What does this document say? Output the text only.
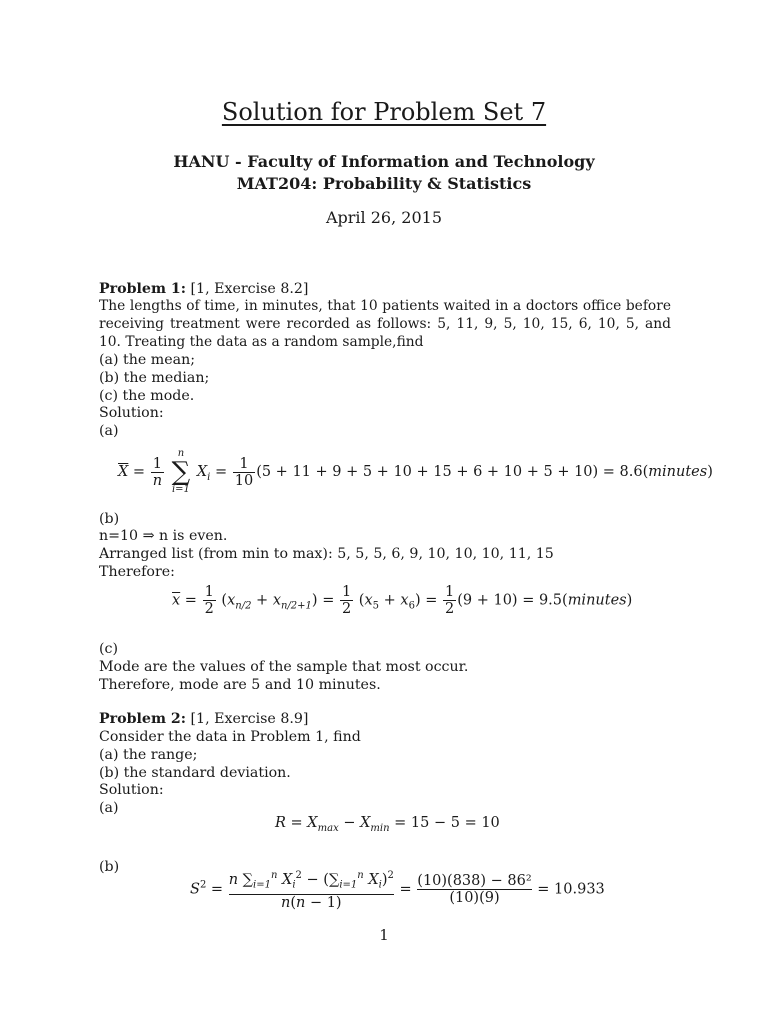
Solution for Problem Set 7
HANU - Faculty of Information and Technology
MAT204: Probability & Statistics
April 26, 2015
Problem 1: [1, Exercise 8.2]
The lengths of time, in minutes, that 10 patients waited in a doctors office before receiving treatment were recorded as follows: 5, 11, 9, 5, 10, 15, 6, 10, 5, and 10. Treating the data as a random sample,find
(a) the mean;
(b) the median;
(c) the mode.
Solution:
(a)
$\overline{X} = \frac{1}{n}$

n
∑
i=1
$X_i = \frac{1}{10} (5 + 11 + 9 + 5 + 10 + 15 + 6 + 10 + 5 + 10)$ = 8.6(minutes)
(b)
n=10 ⇒ n is even.
Arranged list (from min to max): 5, 5, 5, 6, 9, 10, 10, 10, 11, 15
Therefore:
$\overline{x} = \frac{1}{2} (x_{n/2} + x_{n/2+1}) = \frac{1}{2} (x_5 + x_6) = \frac{1}{2} (9 + 10)$ = 9.5(minutes)
(c)
Mode are the values of the sample that most occur.
Therefore, mode are 5 and 10 minutes.
Problem 2: [1, Exercise 8.9]
Consider the data in Problem 1, find
(a) the range;
(b) the standard deviation.
Solution:
(a)
$R = X_{max} - X_{min} = 15 - 5 = 10$
(b)
$S^2 = \frac{n \sum_{i=1}^n X_i^2 - (\sum_{i=1}^n X_i)^2}{n(n - 1)} = \frac{\text{(10)(838) − 86²}}{(10)(9)} = 10.933$
1
